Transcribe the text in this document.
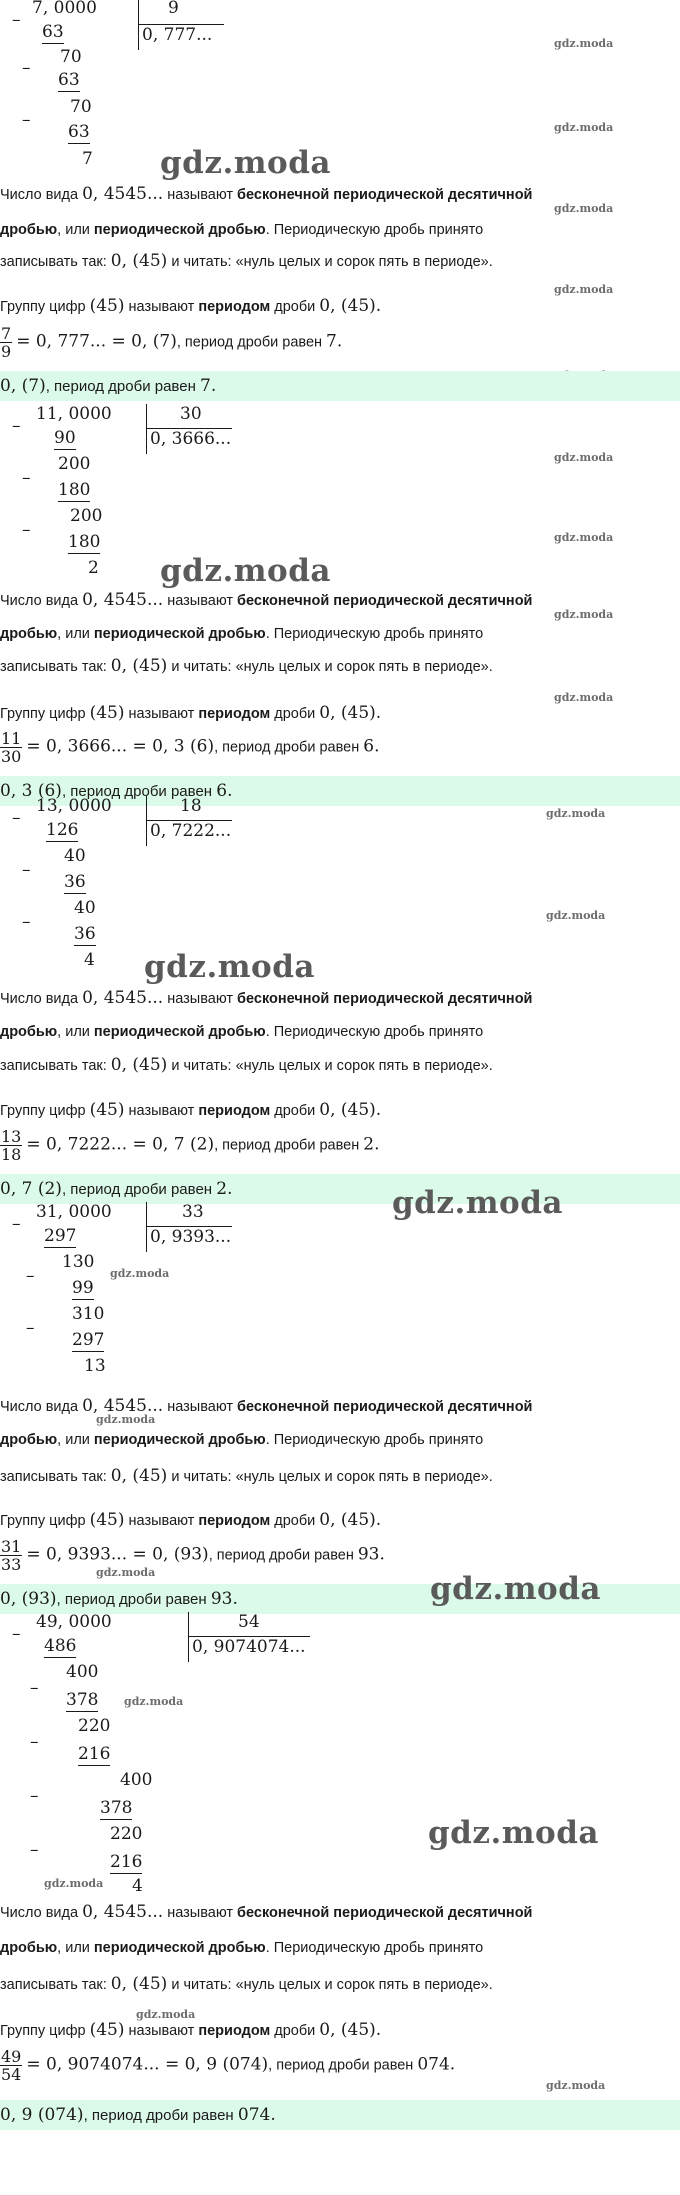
7, 0000	9
0, 777...
–
63
70
–
63
70
–
63
7
gdz.moda
gdz.moda
gdz.moda
Число вида 0, 4545... называют бесконечной периодической десятичной
gdz.moda
дробью, или периодической дробью. Периодическую дробь принято
записывать так: 0, (45) и читать: «нуль целых и сорок пять в периоде».
gdz.moda
Группу цифр (45) называют периодом дроби 0, (45).
$\frac{7}{9} = 0$, 777... = 0, (7), период дроби равен 7.
0, (7), период дроби равен 7.
11, 0000	30
0, 3666...
–
90
200
–
180
200
–
180
2
gdz.moda
gdz.moda
gdz.moda
Число вида 0, 4545... называют бесконечной периодической десятичной
gdz.moda
дробью, или периодической дробью. Периодическую дробь принято
записывать так: 0, (45) и читать: «нуль целых и сорок пять в периоде».
gdz.moda
Группу цифр (45) называют периодом дроби 0, (45).
$\frac{11}{30} = 0$, 3666... = 0, 3 (6), период дроби равен 6.
0, 3 (6), период дроби равен 6.
13, 0000	18
0, 7222...
–
126
40
–
36
40
–
36
4
gdz.moda
gdz.moda
gdz.moda
Число вида 0, 4545... называют бесконечной периодической десятичной
дробью, или периодической дробью. Периодическую дробь принято
записывать так: 0, (45) и читать: «нуль целых и сорок пять в периоде».
Группу цифр (45) называют периодом дроби 0, (45).
$\frac{13}{18} = 0$, 7222... = 0, 7 (2), период дроби равен 2.
0, 7 (2), период дроби равен 2.
31, 0000	33
0, 9393...
–
297
130
–
99
310
–
297
13
gdz.moda
gdz.moda
Число вида 0, 4545... называют бесконечной периодической десятичной
gdz.moda
дробью, или периодической дробью. Периодическую дробь принято
записывать так: 0, (45) и читать: «нуль целых и сорок пять в периоде».
Группу цифр (45) называют периодом дроби 0, (45).
$\frac{31}{33} = 0$, 9393... = 0, (93), период дроби равен 93.
gdz.moda
0, (93), период дроби равен 93.	gdz.moda
49, 0000	54
0, 9074074...
–
486
400
–
378
220
–
216
400
–
378
220
–
216
4
gdz.moda
gdz.moda
gdz.moda
Число вида 0, 4545... называют бесконечной периодической десятичной
дробью, или периодической дробью. Периодическую дробь принято
записывать так: 0, (45) и читать: «нуль целых и сорок пять в периоде».
gdz.moda
Группу цифр (45) называют периодом дроби 0, (45).
$\frac{49}{54} = 0$, 9074074... = 0, 9 (074), период дроби равен 074.
gdz.moda
0, 9 (074), период дроби равен 074.
